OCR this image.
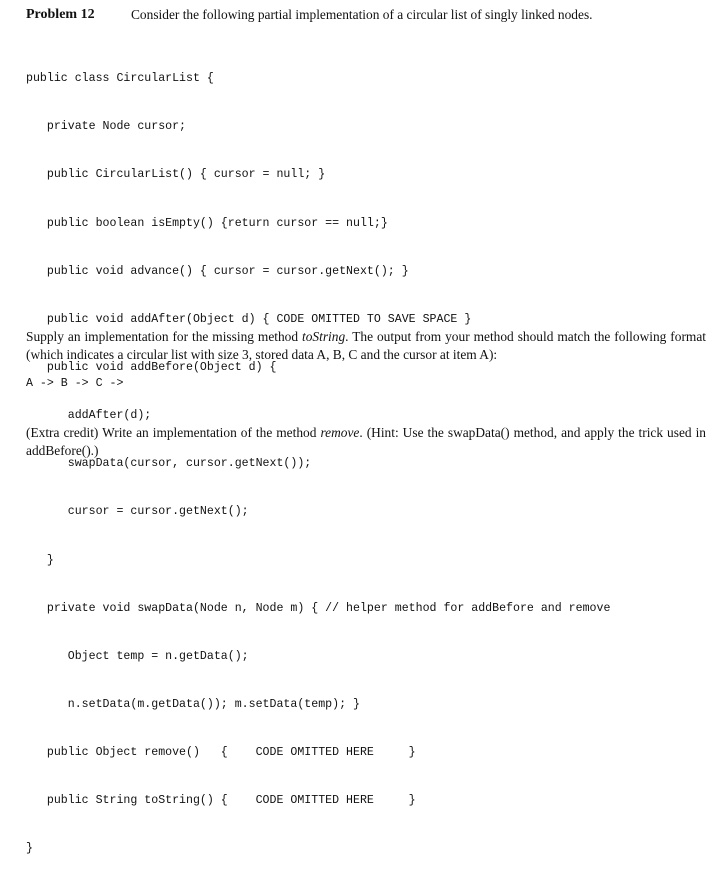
Problem 12	Consider the following partial implementation of a circular list of singly linked nodes.

public class CircularList {

private Node cursor;

public CircularList() { cursor = null; }

public boolean isEmpty() {return cursor == null;}

public void advance() { cursor = cursor.getNext(); }

public void addAfter(Object d) { CODE OMITTED TO SAVE SPACE }

public void addBefore(Object d) {

addAfter(d);

swapData(cursor, cursor.getNext());

cursor = cursor.getNext();

}

private void swapData(Node n, Node m) { // helper method for addBefore and remove

Object temp = n.getData();

n.setData(m.getData()); m.setData(temp); }

public Object remove()   {    CODE OMITTED HERE     }

public String toString() {    CODE OMITTED HERE     }

}

Supply an implementation for the missing method toString. The output from your method should match the following format (which indicates a circular list with size 3, stored data A, B, C and the cursor at item A):
A -> B -> C ->
(Extra credit) Write an implementation of the method remove. (Hint: Use the swapData() method, and apply the trick used in addBefore().)
